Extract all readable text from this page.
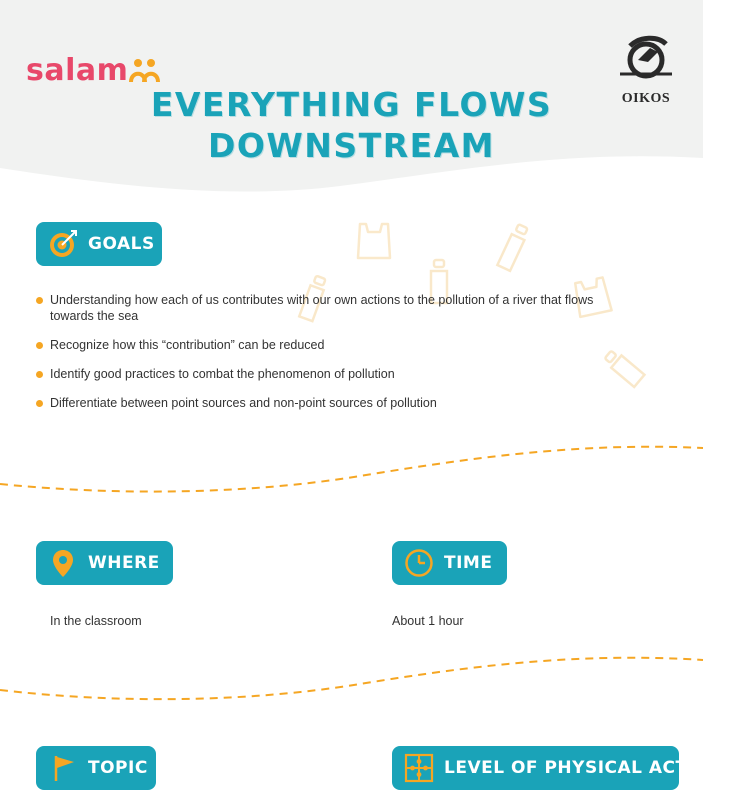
salam
OIKOS
EVERYTHING FLOWS
DOWNSTREAM
GOALS
Understanding how each of us contributes with our own actions to the pollution of a river that flows towards the sea
Recognize how this “contribution” can be reduced
Identify good practices to combat the phenomenon of pollution
Differentiate between point sources and non-point sources of pollution
WHERE
In the classroom
TIME
About 1 hour
TOPIC	LEVEL OF PHYSICAL ACTIVITY
